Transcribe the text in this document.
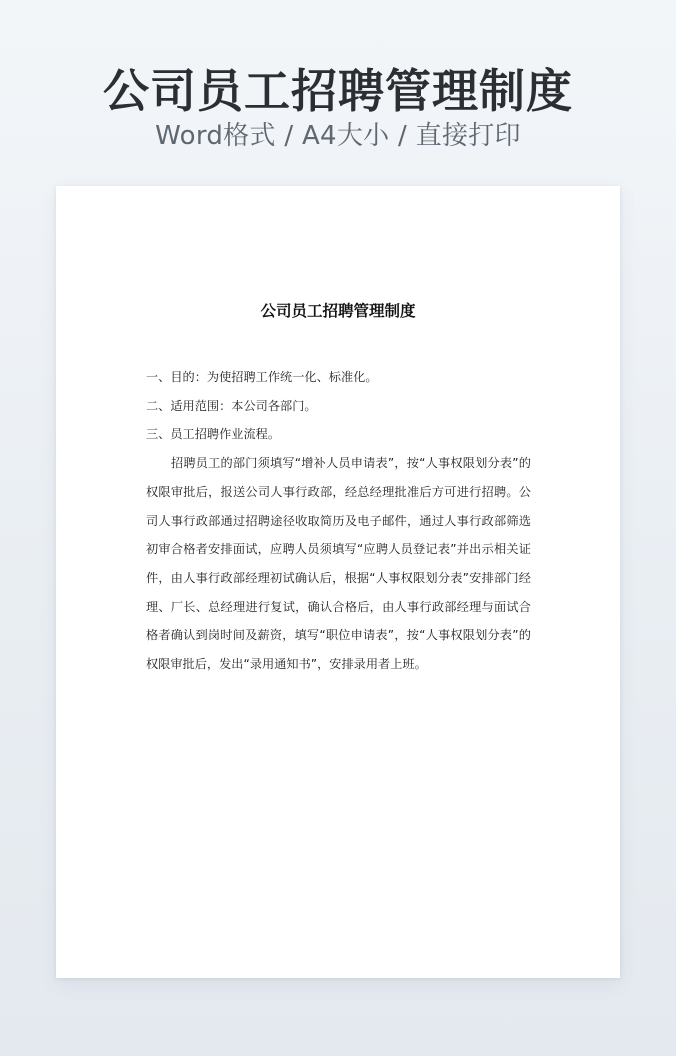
公司员工招聘管理制度
Word格式 / A4大小 / 直接打印
公司员工招聘管理制度

一、目的：为使招聘工作统一化、标准化。

二、适用范围：本公司各部门。

三、员工招聘作业流程。

招聘员工的部门须填写“增补人员申请表”，按“人事权限划分表”的权限审批后，报送公司人事行政部，经总经理批准后方可进行招聘。公司人事行政部通过招聘途径收取简历及电子邮件，通过人事行政部筛选初审合格者安排面试，应聘人员须填写“应聘人员登记表”并出示相关证件，由人事行政部经理初试确认后，根据“人事权限划分表”安排部门经理、厂长、总经理进行复试，确认合格后，由人事行政部经理与面试合格者确认到岗时间及薪资，填写“职位申请表”，按“人事权限划分表”的权限审批后，发出“录用通知书”，安排录用者上班。
